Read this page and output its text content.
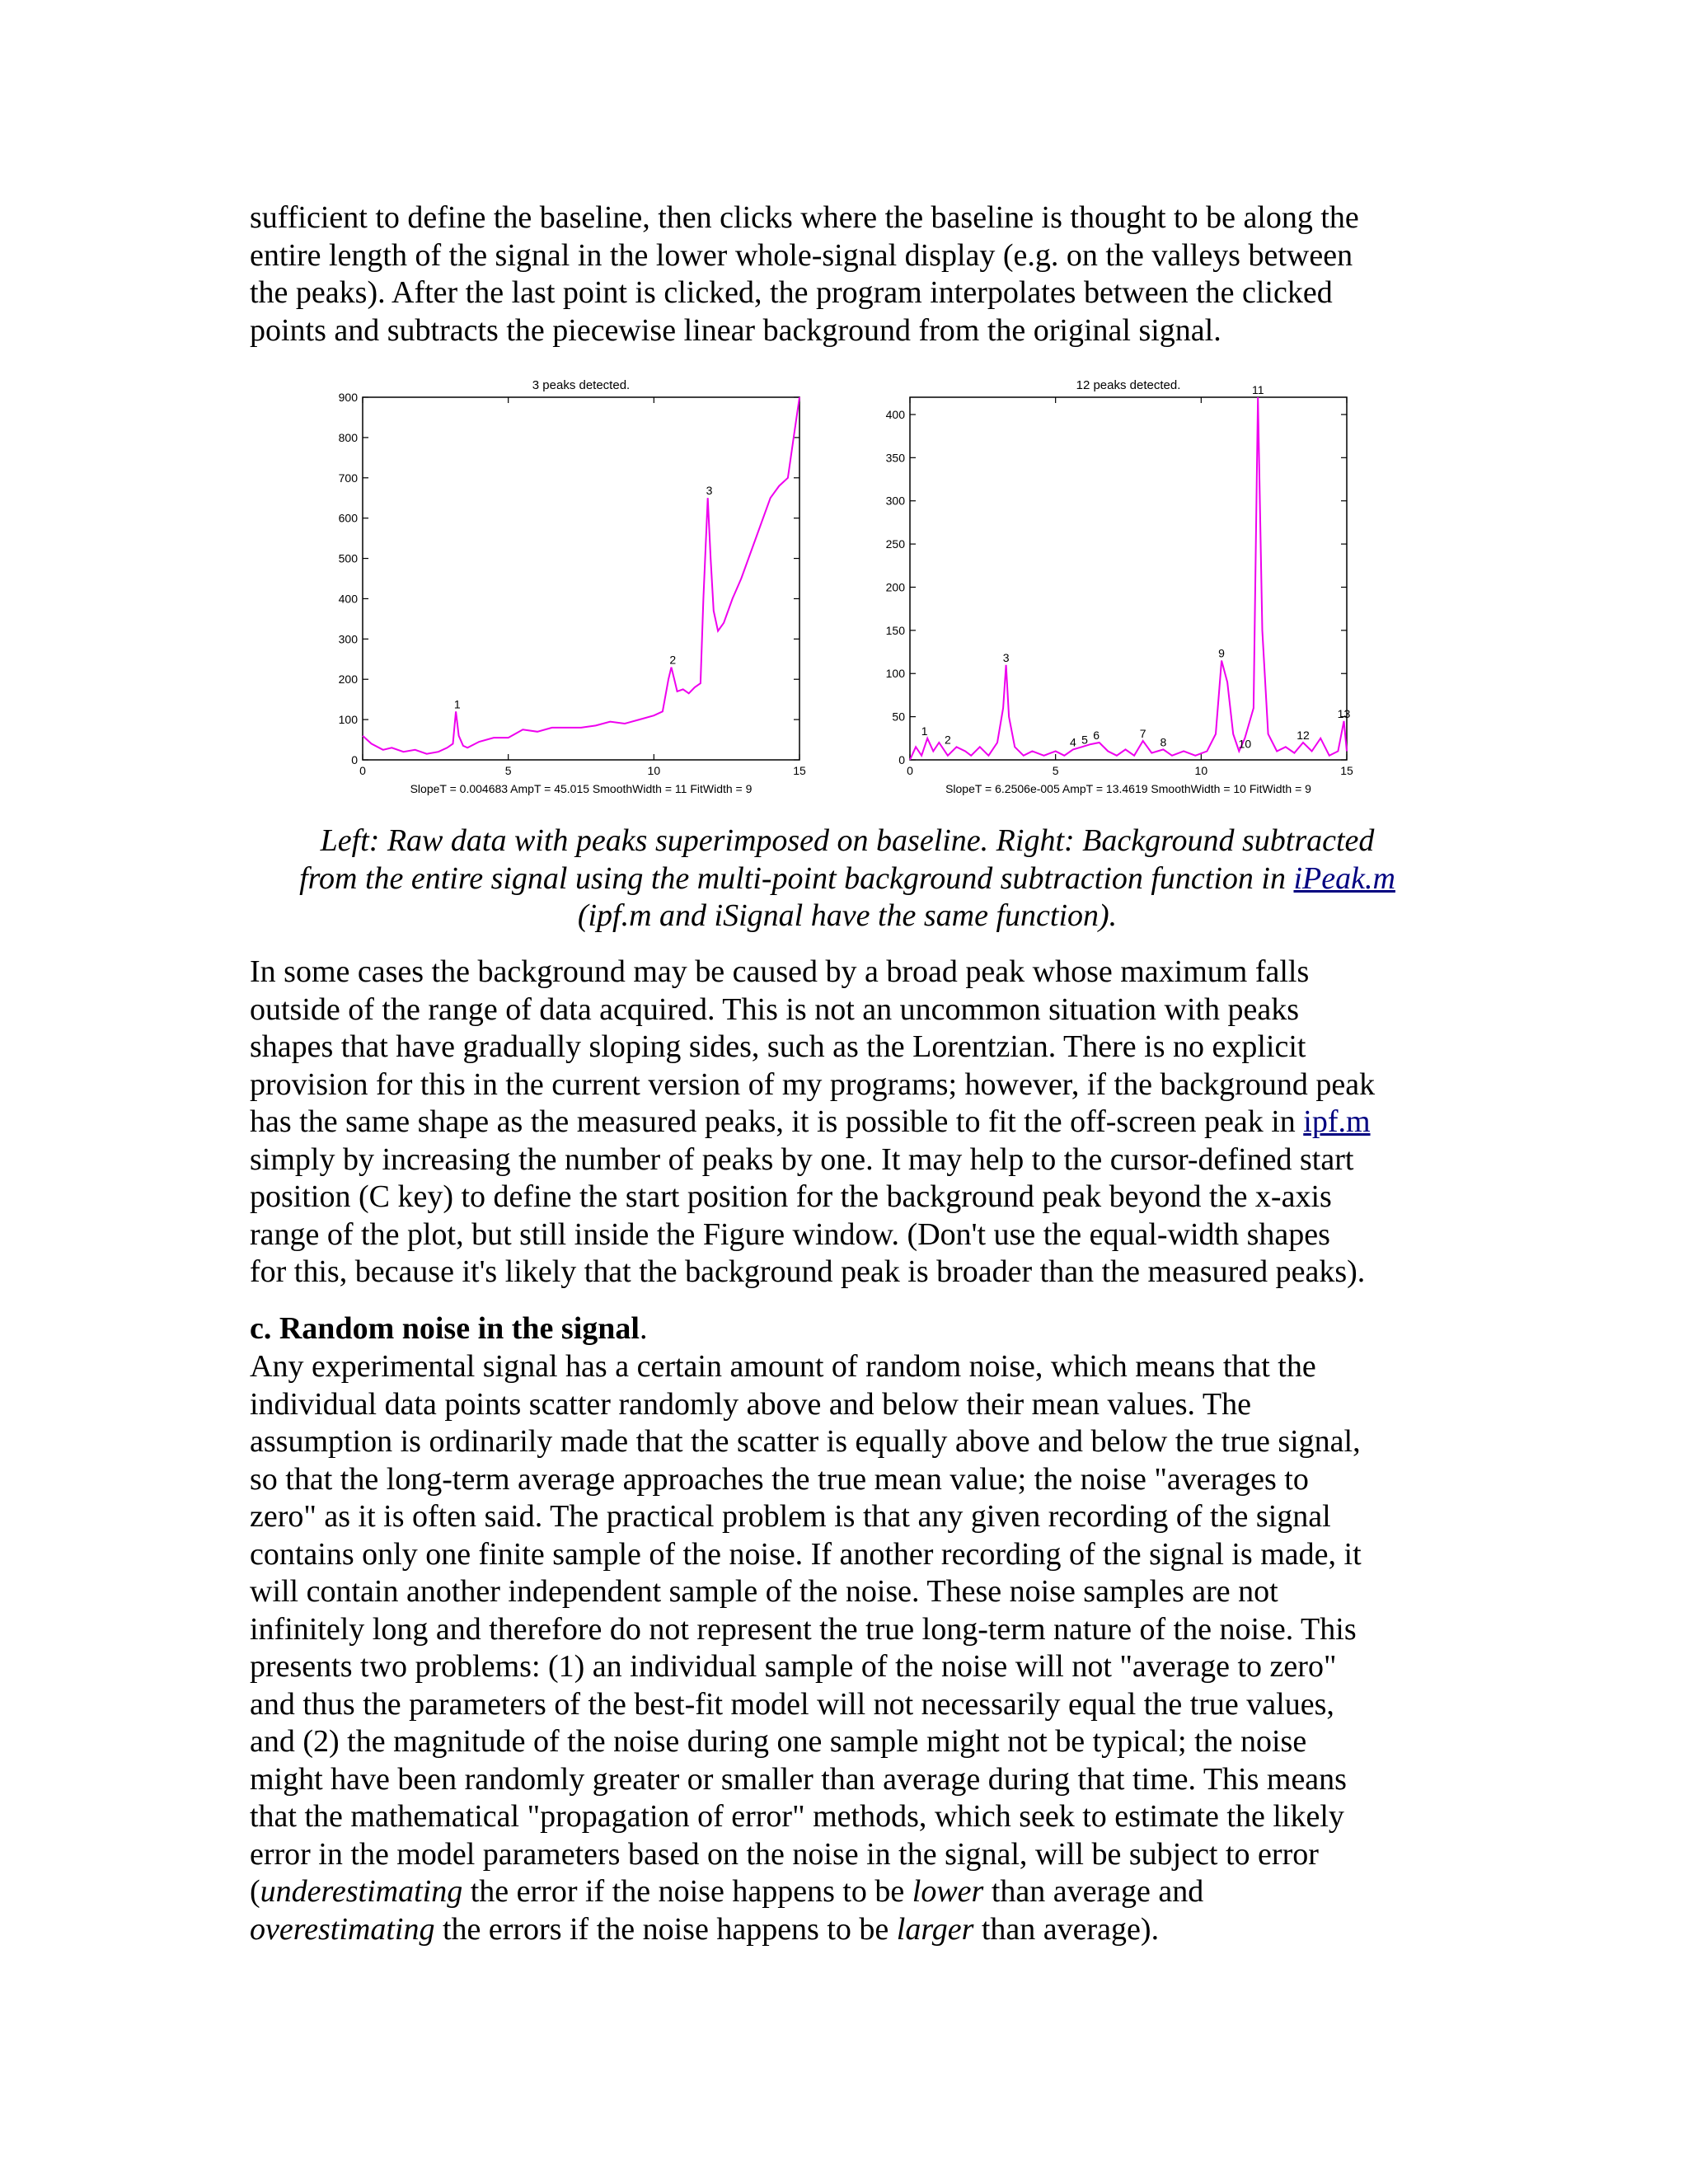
sufficient to define the baseline, then clicks where the baseline is thought to be along the

entire length of the signal in the lower whole-signal display (e.g. on the valleys between

the peaks). After the last point is clicked, the program interpolates between the clicked

points and subtracts the piecewise linear background from the original signal.

3 peaks detected.
0
100
200
300
400
500
600
700
800
900
0	5	10	15
1
2
3
SlopeT = 0.004683 AmpT = 45.015 SmoothWidth = 11 FitWidth = 9
12 peaks detected.
0
50
100
150
200
250
300
350
400
0	5	10	15
1
2
3
4 5 6	7
8
9
10
11
12
13
SlopeT = 6.2506e-005 AmpT = 13.4619 SmoothWidth = 10 FitWidth = 9

Left: Raw data with peaks superimposed on baseline. Right: Background subtracted

from the entire signal using the multi-point background subtraction function in iPeak.m

(ipf.m and iSignal have the same function).

In some cases the background may be caused by a broad peak whose maximum falls

outside of the range of data acquired. This is not an uncommon situation with peaks

shapes that have gradually sloping sides, such as the Lorentzian. There is no explicit

provision for this in the current version of my programs; however, if the background peak

has the same shape as the measured peaks, it is possible to fit the off-screen peak in ipf.m

simply by increasing the number of peaks by one. It may help to the cursor-defined start

position (C key) to define the start position for the background peak beyond the x-axis

range of the plot, but still inside the Figure window. (Don't use the equal-width shapes

for this, because it's likely that the background peak is broader than the measured peaks).

c. Random noise in the signal.

Any experimental signal has a certain amount of random noise, which means that the

individual data points scatter randomly above and below their mean values. The

assumption is ordinarily made that the scatter is equally above and below the true signal,

so that the long-term average approaches the true mean value; the noise "averages to

zero" as it is often said. The practical problem is that any given recording of the signal

contains only one finite sample of the noise. If another recording of the signal is made, it

will contain another independent sample of the noise. These noise samples are not

infinitely long and therefore do not represent the true long-term nature of the noise. This

presents two problems: (1) an individual sample of the noise will not "average to zero"

and thus the parameters of the best-fit model will not necessarily equal the true values,

and (2) the magnitude of the noise during one sample might not be typical; the noise

might have been randomly greater or smaller than average during that time. This means

that the mathematical "propagation of error" methods, which seek to estimate the likely

error in the model parameters based on the noise in the signal, will be subject to error

(underestimating the error if the noise happens to be lower than average and

overestimating the errors if the noise happens to be larger than average).
